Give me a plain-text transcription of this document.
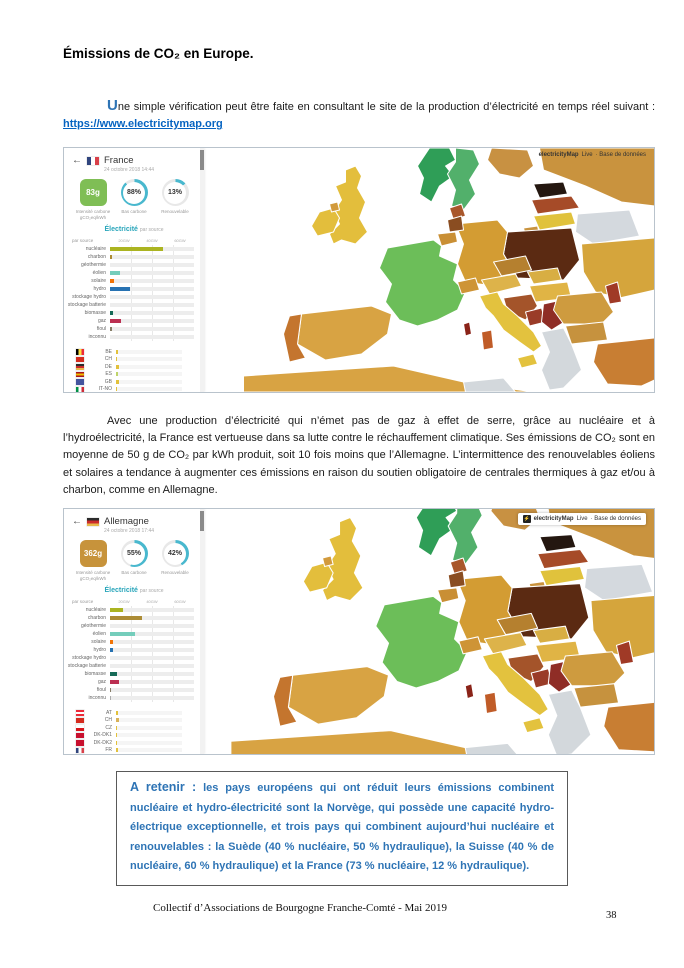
Émissions de CO₂ en Europe.

Une simple vérification peut être faite en consultant le site de la production d’électricité en temps réel suivant : https://www.electricitymap.org

electricityMap Live · Base de données
← France
24 octobre 2018 14:44
83g
Intensité carbone
gCO₂eq/kWh
88%
Bas carbone
13%
Renouvelable
Électricité par source
par source	20GW	40GW	60GW
nucléaire
charbon
géothermie
éolien
solaire
hydro
stockage hydro
stockage batterie
biomasse
gaz
fioul
inconnu
BE
CH
DE
ES
GB
IT-NO

Avec une production d’électricité qui n’émet pas de gaz à effet de serre, grâce au nucléaire et à l’hydroélectricité, la France est vertueuse dans sa lutte contre le réchauffement climatique. Ses émissions de CO₂ sont en moyenne de 50 g de CO₂ par kWh produit, soit 10 fois moins que l’Allemagne. L’intermittence des renouvelables éoliens et solaires a tendance à augmenter ces émissions en raison du soutien obligatoire de centrales thermiques à gaz et/ou à charbon, comme en Allemagne.

⚡ electricityMap Live · Base de données
← Allemagne
24 octobre 2018 17:44
362g
Intensité carbone
gCO₂eq/kWh
55%
Bas carbone
42%
Renouvelable
Électricité par source
par source	20GW	40GW	60GW
nucléaire
charbon
géothermie
éolien
solaire
hydro
stockage hydro
stockage batterie
biomasse
gaz
fioul
inconnu
AT
CH
CZ
DK-DK1
DK-DK2
FR
A retenir : les pays européens qui ont réduit leurs émissions combinent nucléaire et hydro-électricité sont la Norvège, qui possède une capacité hydro-électrique exceptionnelle, et trois pays qui combinent aujourd’hui nucléaire et renouvelables : la Suède (40 % nucléaire, 50 % hydraulique), la Suisse (40 % de nucléaire, 60 % hydraulique) et la France (73 % nucléaire, 12 % hydraulique).
Collectif d’Associations de Bourgogne Franche-Comté - Mai 2019
38
